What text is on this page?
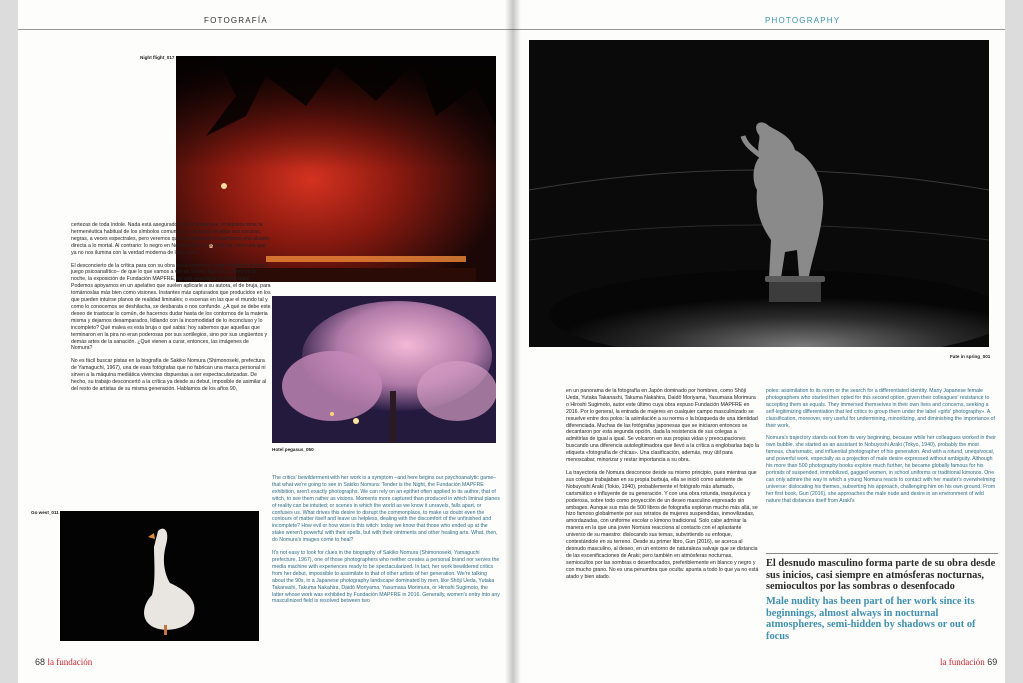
FOTOGRAFÍA
Night flight_017

certezas de toda índole. Nada está asegurado en sus imágenes, ni siquiera sirve la hermenéutica habitual de los símbolos comunes. Sí, muchas de ellas son oscuras, negras, a veces espectrales, pero veremos que no funcionan si asumimos una alusión directa a lo mortal. Al contrario: lo negro en Nomura abre paso a la luz, pero una que ya no nos ilumina con la verdad moderna de las cosas.

El desconcierto de la crítica para con su obra es un síntoma –y aquí empieza nuestro juego psicoanalítico– de que lo que vamos a ver en Sakiko Nomura. Tierno es la noche, la exposición de Fundación MAPFRE, no son exactamente fotografías. Podemos apoyarnos en un apelativo que suelen aplicarle a su autora, el de bruja, para tomárnoslas más bien como visiones. Instantes más capturados que producidos en los que pueden intuirse planos de realidad liminales; o escenas en las que el mundo tal y como lo conocemos se deshilacha, se desbarata o nos confunde. ¿A qué se debe este deseo de trastocar lo común, de hacernos dudar hasta de los contornos de la materia misma y dejarnos desamparados, lidiando con la incomodidad de lo inconcluso y lo incompleto? Qué malea es esta bruja o qué sabia: hoy sabemos que aquellas que terminaron en la pira no eran poderosas por sus sortilegios, sino por sus ungüentos y demás artes de la sanación. ¿Qué vienen a curar, entonces, las imágenes de Nomura?

No es fácil buscar pistas en la biografía de Sakiko Nomura (Shimonoseki, prefectura de Yamaguchi, 1967), una de esas fotógrafas que no fabrican una marca personal ni sirven a la máquina mediática vivencias dispuestas a ser espectacularizadas. De hecho, su trabajo desconcertó a la crítica ya desde su debut, imposible de asimilar al del resto de artistas de su misma generación. Hablamos de los años 90,

Hotel pegasus_050
Go west_011

The critics' bewilderment with her work is a symptom –and here begins our psychoanalytic game– that what we're going to see in Sakiko Nomura: Tender is the Night, the Fundación MAPFRE exhibition, aren't exactly photographs. We can rely on an epithet often applied to its author, that of witch, to see them rather as visions. Moments more captured than produced in which liminal planes of reality can be intuited; or scenes in which the world as we know it unravels, falls apart, or confuses us. What drives this desire to disrupt the commonplace, to make us doubt even the contours of matter itself and leave us helpless, dealing with the discomfort of the unfinished and incomplete? How evil or how wise is this witch: today we know that those who ended up at the stake weren't powerful with their spells, but with their ointments and other healing arts. What, then, do Nomura's images come to heal?

It's not easy to look for clues in the biography of Sakiko Nomura (Shimonoseki, Yamaguchi prefecture, 1967), one of those photographers who neither creates a personal brand nor serves the media machine with experiences ready to be spectacularized. In fact, her work bewildered critics from her debut, impossible to assimilate to that of other artists of her generation. We're talking about the 90s, in a Japanese photography landscape dominated by men, like Shōji Ueda, Yutaka Takanashi, Takuma Nakahira, Daidō Moriyama, Yasumasa Morimura, or Hiroshi Sugimoto, the latter whose work was exhibited by Fundación MAPFRE in 2016. Generally, women's entry into any masculinized field is resolved between two

68 la fundación
PHOTOGRAPHY
Fate in spring_001

en un panorama de la fotografía en Japón dominado por hombres, como Shōji Ueda, Yutaka Takanashi, Takuma Nakahira, Daidō Moriyama, Yasumasa Morimura o Hiroshi Sugimoto, autor este último cuya obra expuso Fundación MAPFRE en 2016. Por lo general, la entrada de mujeres en cualquier campo masculinizado se resuelve entre dos polos: la asimilación a su norma o la búsqueda de una identidad diferenciada. Muchas de las fotógrafas japonesas que se iniciaron entonces se decantaron por esta segunda opción, dada la resistencia de sus colegas a admitirlas de igual a igual. Se volcaron en sus propias vidas y preocupaciones buscando una diferencia autolegitimadora que llevó a la crítica a englobarlas bajo la etiqueta «fotografía de chicas». Una clasificación, además, muy útil para menoscabar, minorizar y restar importancia a su obra.

La trayectoria de Nomura desconoce desde su mismo principio, pues mientras que sus colegas trabajaban en su propia burbuja, ella se inició como asistente de Nobuyoshi Araki (Tokio, 1940), probablemente el fotógrafo más afamado, carismático e influyente de su generación. Y con una obra rotunda, inequívoca y poderosa, sobre todo como proyección de un deseo masculino expresado sin ambages. Aunque sus más de 500 libros de fotografía exploran mucho más allá, se hizo famoso globalmente por sus retratos de mujeres suspendidas, inmovilizadas, amordazadas, con uniforme escolar o kimono tradicional. Solo cabe admirar la manera en la que una joven Nomura reacciona al contacto con el aplastante universo de su maestro: dislocando sus temas, subvirtiendo su enfoque, contestándole en su terreno. Desde su primer libro, Gun (2016), se acerca al desnudo masculino, al deseo, en un entorno de naturaleza salvaje que se distancia de las escenificaciones de Araki; pero también en atmósferas nocturnas, semiocultos por las sombras o desenfocados, preferiblemente en blanco y negro y con mucho grano. No es una penumbra que oculta: apunta a todo lo que ya no está atado y bien atado.

poles: assimilation to its norm or the search for a differentiated identity. Many Japanese female photographers who started then opted for this second option, given their colleagues' resistance to accepting them as equals. They immersed themselves in their own lives and concerns, seeking a self-legitimizing differentiation that led critics to group them under the label «girls' photography». A classification, moreover, very useful for undermining, minoritizing, and diminishing the importance of their work.

Nomura's trajectory stands out from its very beginning, because while her colleagues worked in their own bubble, she started as an assistant to Nobuyoshi Araki (Tokyo, 1940), probably the most famous, charismatic, and influential photographer of his generation. And with a rotund, unequivocal, and powerful work, especially as a projection of male desire expressed without ambiguity. Although his more than 500 photography books explore much further, he became globally famous for his portraits of suspended, immobilized, gagged women, in school uniforms or traditional kimonos. One can only admire the way in which a young Nomura reacts to contact with her master's overwhelming universe: dislocating his themes, subverting his approach, challenging him on his own ground. From her first book, Gun (2016), she approaches the male nude and desire in an environment of wild nature that distances itself from Araki's

El desnudo masculino forma parte de su obra desde sus inicios, casi siempre en atmósferas nocturnas, semiocultos por las sombras o desenfocado
Male nudity has been part of her work since its beginnings, almost always in nocturnal atmospheres, semi-hidden by shadows or out of focus
la fundación 69
